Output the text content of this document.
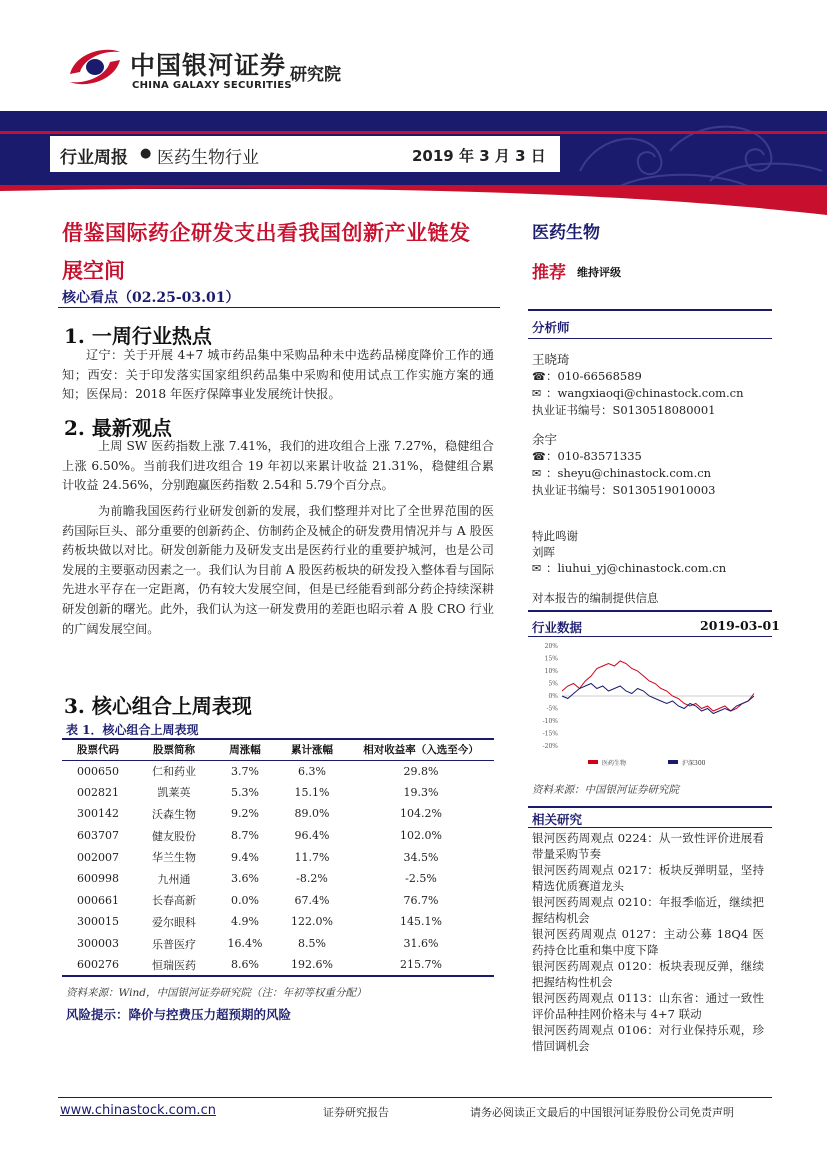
中国银河证券
CHINA GALAXY SECURITIES
研究院
行业周报 ● 医药生物行业	2019 年 3 月 3 日
借鉴国际药企研发支出看我国创新产业链发
展空间
核心看点（02.25-03.01）
1. 一周行业热点

辽宁：关于开展 4+7 城市药品集中采购品种未中选药品梯度降价工作的通知；西安：关于印发落实国家组织药品集中采购和使用试点工作实施方案的通知；医保局：2018 年医疗保障事业发展统计快报。

2. 最新观点

上周 SW 医药指数上涨 7.41%，我们的进攻组合上涨 7.27%，稳健组合上涨 6.50%。当前我们进攻组合 19 年初以来累计收益 21.31%，稳健组合累计收益 24.56%，分别跑赢医药指数 2.54和 5.79个百分点。

为前瞻我国医药行业研发创新的发展，我们整理并对比了全世界范围的医药国际巨头、部分重要的创新药企、仿制药企及械企的研发费用情况并与 A 股医药板块做以对比。研发创新能力及研发支出是医药行业的重要护城河，也是公司发展的主要驱动因素之一。我们认为目前 A 股医药板块的研发投入整体看与国际先进水平存在一定距离，仍有较大发展空间，但是已经能看到部分药企持续深耕研发创新的曙光。此外，我们认为这一研发费用的差距也昭示着 A 股 CRO 行业的广阔发展空间。

3. 核心组合上周表现
表 1．核心组合上周表现
股票代码	股票简称	周涨幅	累计涨幅	相对收益率（入选至今）
000650	仁和药业	3.7%	6.3%	29.8%
002821	凯莱英	5.3%	15.1%	19.3%
300142	沃森生物	9.2%	89.0%	104.2%
603707	健友股份	8.7%	96.4%	102.0%
002007	华兰生物	9.4%	11.7%	34.5%
600998	九州通	3.6%	-8.2%	-2.5%
000661	长春高新	0.0%	67.4%	76.7%
300015	爱尔眼科	4.9%	122.0%	145.1%
300003	乐普医疗	16.4%	8.5%	31.6%
600276	恒瑞医药	8.6%	192.6%	215.7%
资料来源：Wind，中国银河证券研究院（注：年初等权重分配）
风险提示：降价与控费压力超预期的风险
医药生物
推荐 维持评级
分析师
王晓琦
☎：010-66568589
✉ ：wangxiaoqi@chinastock.com.cn
执业证书编号：S0130518080001
余宇
☎：010-83571335
✉ ：sheyu@chinastock.com.cn
执业证书编号：S0130519010003
特此鸣谢
刘晖
✉ ：liuhui_yj@chinastock.com.cn
对本报告的编制提供信息
行业数据	2019-03-01
20%
15%
10%
5%
0%
-5%
-10%
-15%
-20%
医药生物	沪深300
资料来源：中国银河证券研究院
相关研究
银河医药周观点 0224：从一致性评价进展看带量采购节奏
银河医药周观点 0217：板块反弹明显，坚持精选优质赛道龙头
银河医药周观点 0210：年报季临近，继续把握结构机会
银河医药周观点 0127：主动公募 18Q4 医药持仓比重和集中度下降
银河医药周观点 0120：板块表现反弹，继续把握结构性机会
银河医药周观点 0113：山东省：通过一致性评价品种挂网价格未与 4+7 联动
银河医药周观点 0106：对行业保持乐观，珍惜回调机会
www.chinastock.com.cn	证券研究报告	请务必阅读正文最后的中国银河证券股份公司免责声明
